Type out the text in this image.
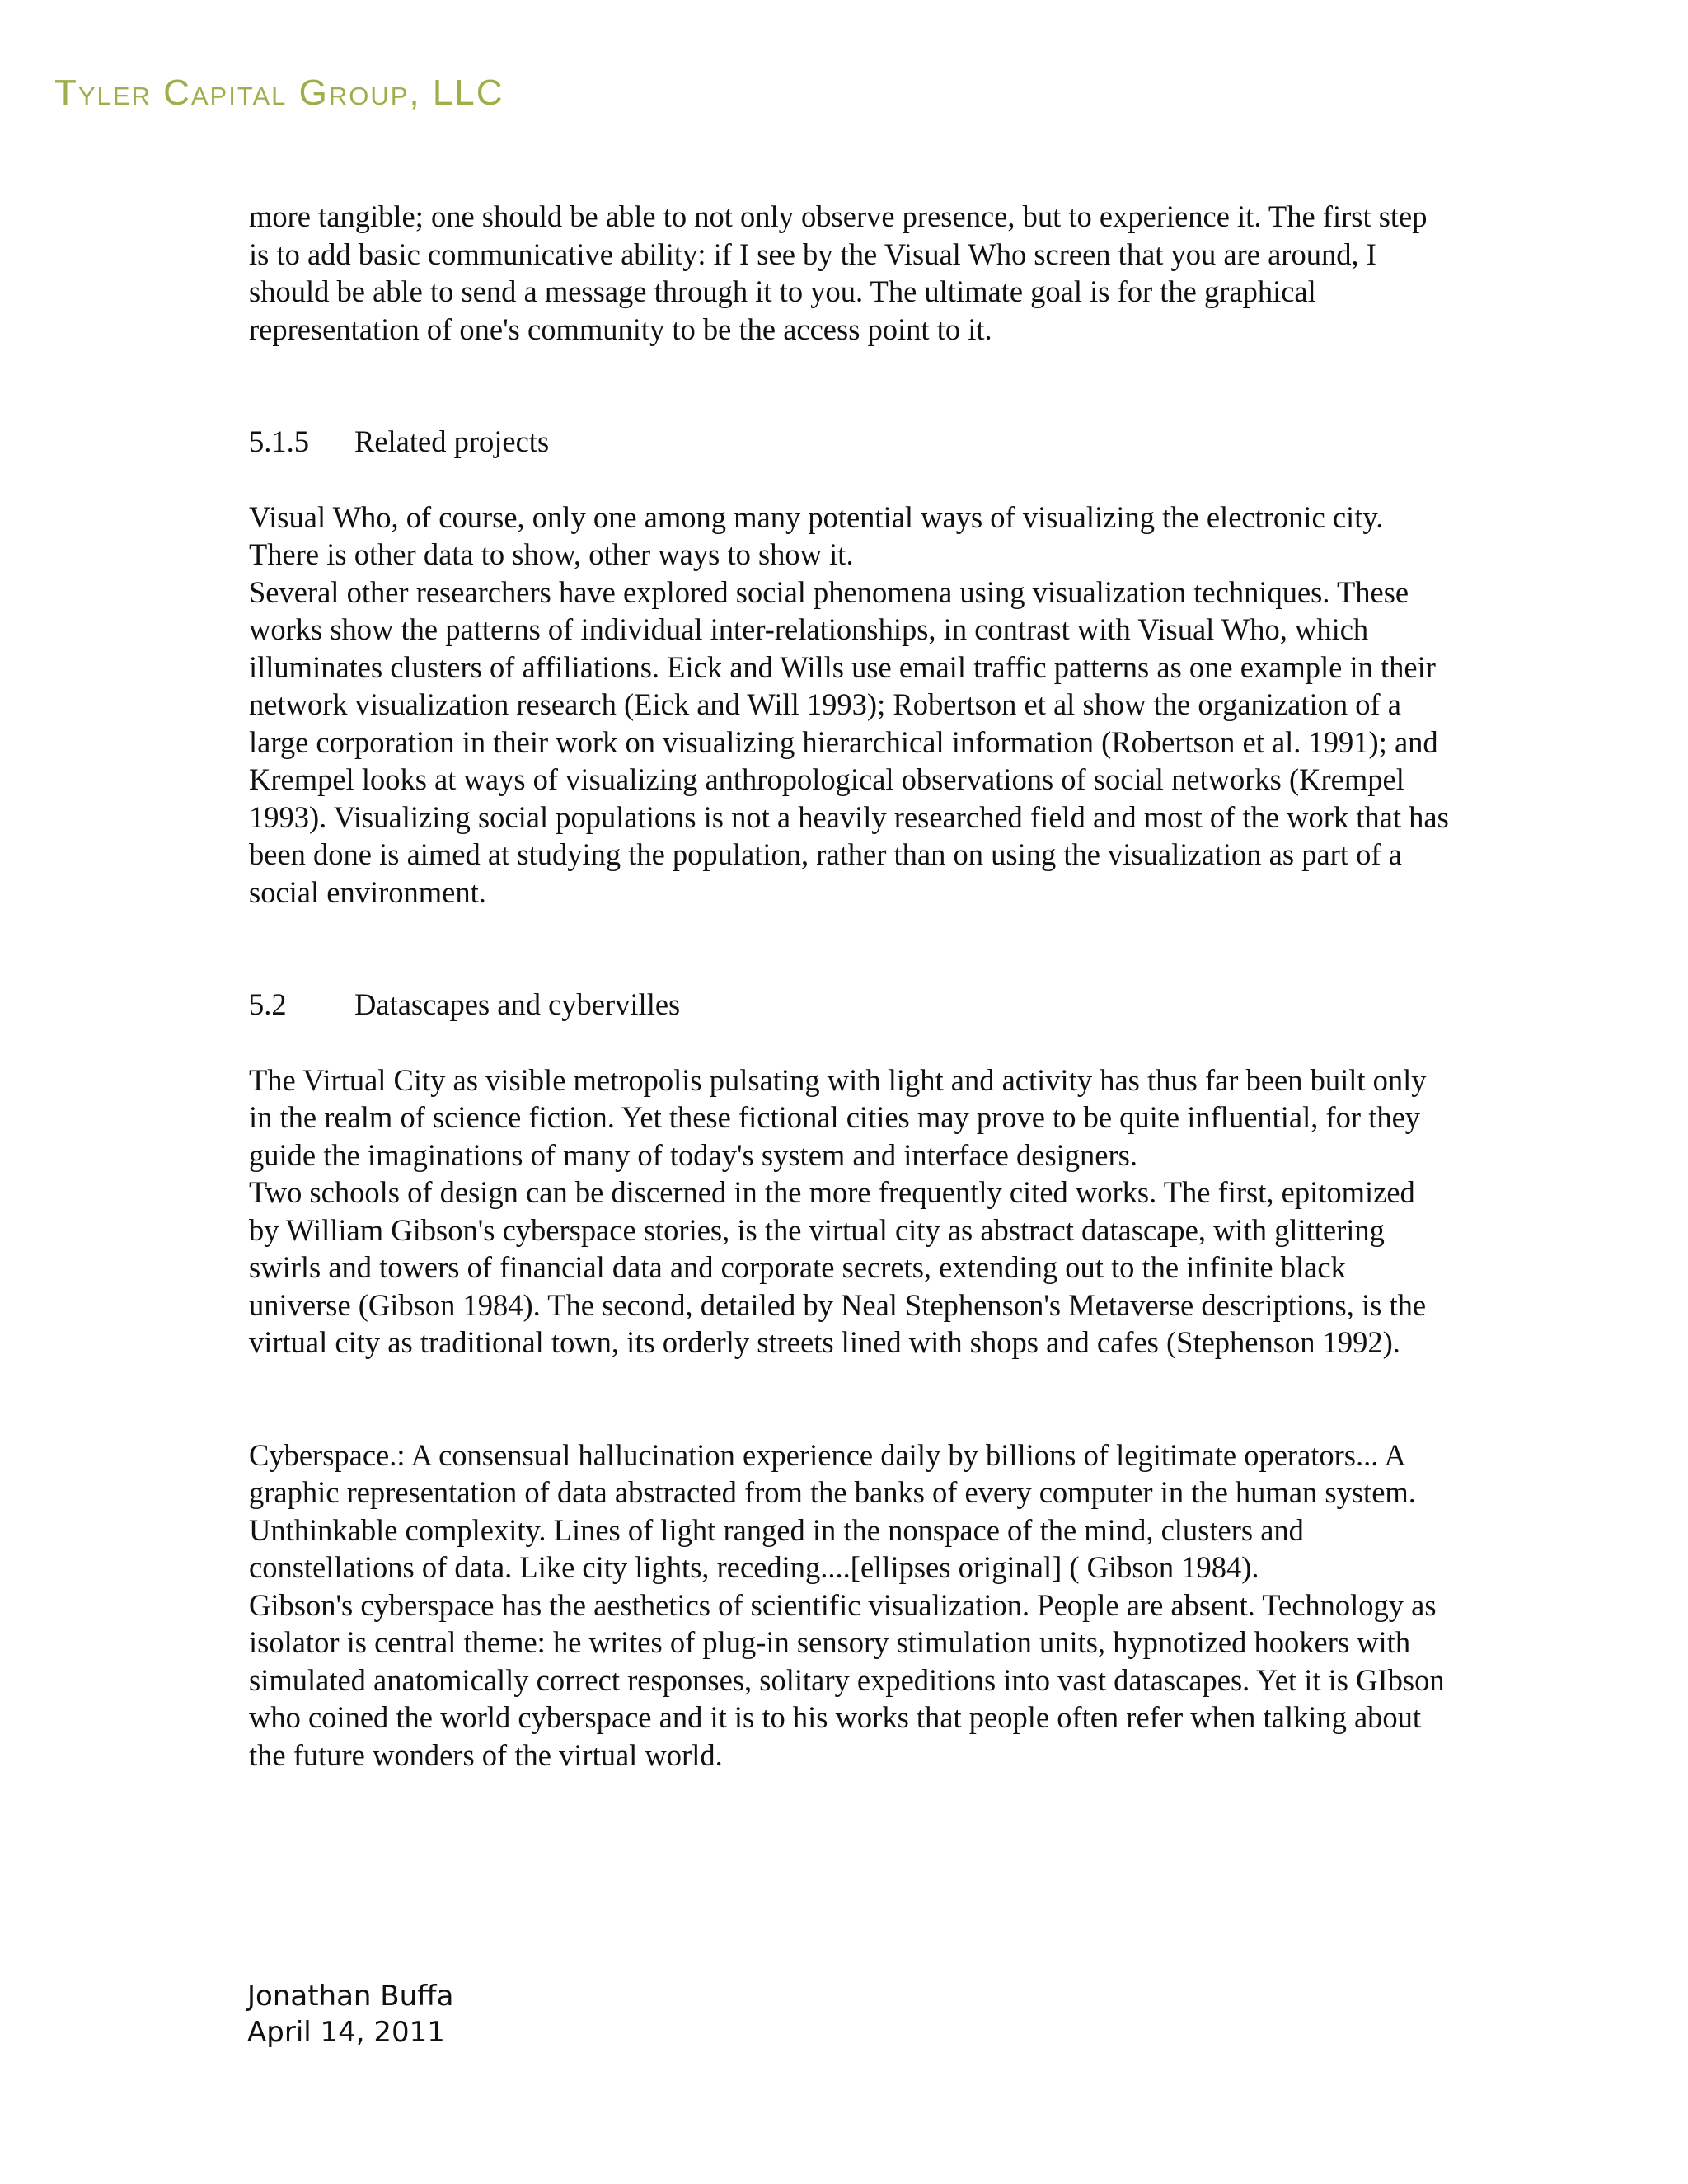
Tyler Capital Group, LLC

more tangible; one should be able to not only observe presence, but to experience it. The first step is to add basic communicative ability: if I see by the Visual Who screen that you are around, I should be able to send a message through it to you. The ultimate goal is for the graphical representation of one's community to be the access point to it.

5.1.5 Related projects

Visual Who, of course, only one among many potential ways of visualizing the electronic city. There is other data to show, other ways to show it.

Several other researchers have explored social phenomena using visualization techniques. These works show the patterns of individual inter-relationships, in contrast with Visual Who, which illuminates clusters of affiliations. Eick and Wills use email traffic patterns as one example in their network visualization research (Eick and Will 1993); Robertson et al show the organization of a large corporation in their work on visualizing hierarchical information (Robertson et al. 1991); and Krempel looks at ways of visualizing anthropological observations of social networks (Krempel 1993). Visualizing social populations is not a heavily researched field and most of the work that has been done is aimed at studying the population, rather than on using the visualization as part of a social environment.

5.2 Datascapes and cybervilles

The Virtual City as visible metropolis pulsating with light and activity has thus far been built only in the realm of science fiction. Yet these fictional cities may prove to be quite influential, for they guide the imaginations of many of today's system and interface designers.

Two schools of design can be discerned in the more frequently cited works. The first, epitomized by William Gibson's cyberspace stories, is the virtual city as abstract datascape, with glittering swirls and towers of financial data and corporate secrets, extending out to the infinite black universe (Gibson 1984). The second, detailed by Neal Stephenson's Metaverse descriptions, is the virtual city as traditional town, its orderly streets lined with shops and cafes (Stephenson 1992).

Cyberspace.: A consensual hallucination experience daily by billions of legitimate operators... A graphic representation of data abstracted from the banks of every computer in the human system. Unthinkable complexity. Lines of light ranged in the nonspace of the mind, clusters and constellations of data. Like city lights, receding....[ellipses original] ( Gibson 1984).

Gibson's cyberspace has the aesthetics of scientific visualization. People are absent. Technology as isolator is central theme: he writes of plug-in sensory stimulation units, hypnotized hookers with simulated anatomically correct responses, solitary expeditions into vast datascapes. Yet it is GIbson who coined the world cyberspace and it is to his works that people often refer when talking about the future wonders of the virtual world.

Jonathan Buffa
April 14, 2011
